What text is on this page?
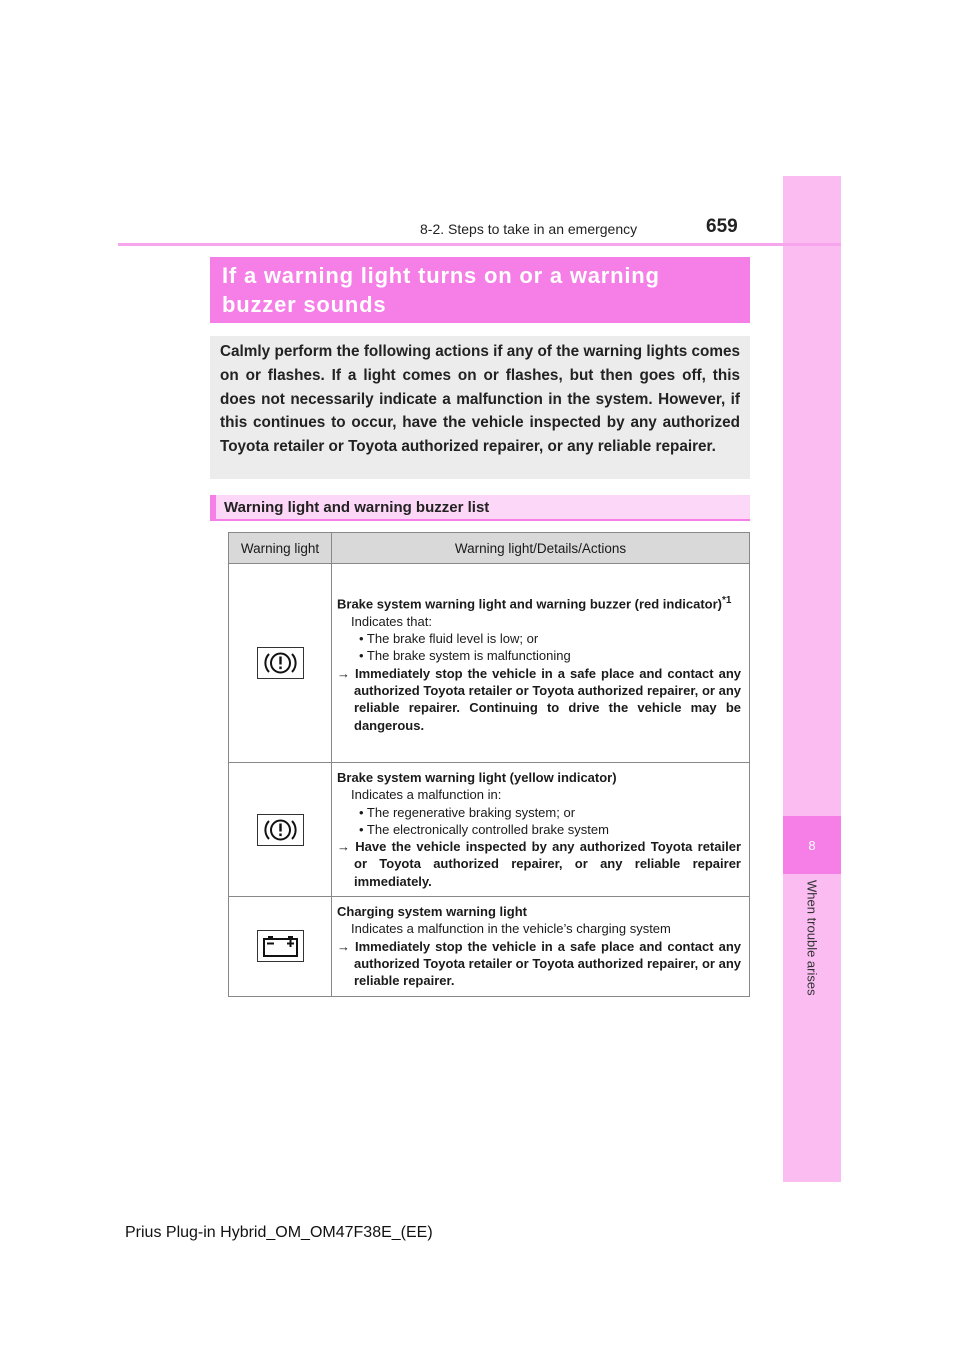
8
When trouble arises
8-2. Steps to take in an emergency	659
If a warning light turns on or a warning
buzzer sounds
Calmly perform the following actions if any of the warning lights comes on or flashes. If a light comes on or flashes, but then goes off, this does not necessarily indicate a malfunction in the system. However, if this continues to occur, have the vehicle inspected by any authorized Toyota retailer or Toyota authorized repairer, or any reliable repairer.
Warning light and warning buzzer list
Warning light	Warning light/Details/Actions

Brake system warning light and warning buzzer (red indicator)$^{*1}$
Indicates that:
• The brake fluid level is low; or
• The brake system is malfunctioning
→ Immediately stop the vehicle in a safe place and contact any authorized Toyota retailer or Toyota authorized repairer, or any reliable repairer. Continuing to drive the vehicle may be dangerous.

Brake system warning light (yellow indicator)
Indicates a malfunction in:
• The regenerative braking system; or
• The electronically controlled brake system
→ Have the vehicle inspected by any authorized Toyota retailer or Toyota authorized repairer, or any reliable repairer immediately.

Charging system warning light
Indicates a malfunction in the vehicle’s charging system
→ Immediately stop the vehicle in a safe place and contact any authorized Toyota retailer or Toyota authorized repairer, or any reliable repairer.
Prius Plug-in Hybrid_OM_OM47F38E_(EE)
